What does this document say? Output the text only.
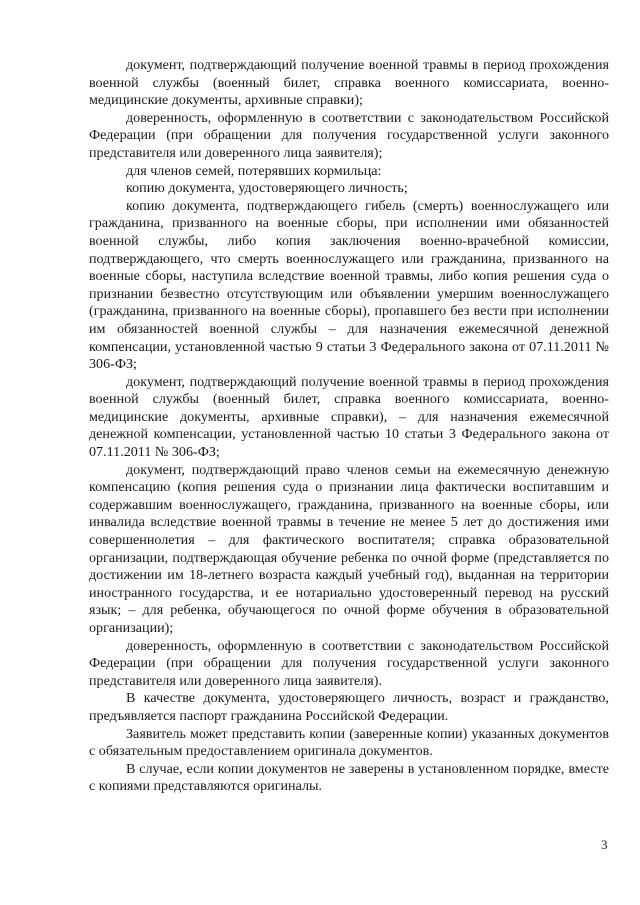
документ, подтверждающий получение военной травмы в период прохождения военной службы (военный билет, справка военного комиссариата, военно-медицинские документы, архивные справки);

доверенность, оформленную в соответствии с законодательством Российской Федерации (при обращении для получения государственной услуги законного представителя или доверенного лица заявителя);

для членов семей, потерявших кормильца:

копию документа, удостоверяющего личность;

копию документа, подтверждающего гибель (смерть) военнослужащего или гражданина, призванного на военные сборы, при исполнении ими обязанностей военной службы, либо копия заключения военно-врачебной комиссии, подтверждающего, что смерть военнослужащего или гражданина, призванного на военные сборы, наступила вследствие военной травмы, либо копия решения суда о признании безвестно отсутствующим или объявлении умершим военнослужащего (гражданина, призванного на военные сборы), пропавшего без вести при исполнении им обязанностей военной службы – для назначения ежемесячной денежной компенсации, установленной частью 9 статьи 3 Федерального закона от 07.11.2011 № 306-ФЗ;

документ, подтверждающий получение военной травмы в период прохождения военной службы (военный билет, справка военного комиссариата, военно-медицинские документы, архивные справки), – для назначения ежемесячной денежной компенсации, установленной частью 10 статьи 3 Федерального закона от 07.11.2011 № 306-ФЗ;

документ, подтверждающий право членов семьи на ежемесячную денежную компенсацию (копия решения суда о признании лица фактически воспитавшим и содержавшим военнослужащего, гражданина, призванного на военные сборы, или инвалида вследствие военной травмы в течение не менее 5 лет до достижения ими совершеннолетия – для фактического воспитателя; справка образовательной организации, подтверждающая обучение ребенка по очной форме (представляется по достижении им 18-летнего возраста каждый учебный год), выданная на территории иностранного государства, и ее нотариально удостоверенный перевод на русский язык; – для ребенка, обучающегося по очной форме обучения в образовательной организации);

доверенность, оформленную в соответствии с законодательством Российской Федерации (при обращении для получения государственной услуги законного представителя или доверенного лица заявителя).

В качестве документа, удостоверяющего личность, возраст и гражданство, предъявляется паспорт гражданина Российской Федерации.

Заявитель может представить копии (заверенные копии) указанных документов с обязательным предоставлением оригинала документов.

В случае, если копии документов не заверены в установленном порядке, вместе с копиями представляются оригиналы.

3
